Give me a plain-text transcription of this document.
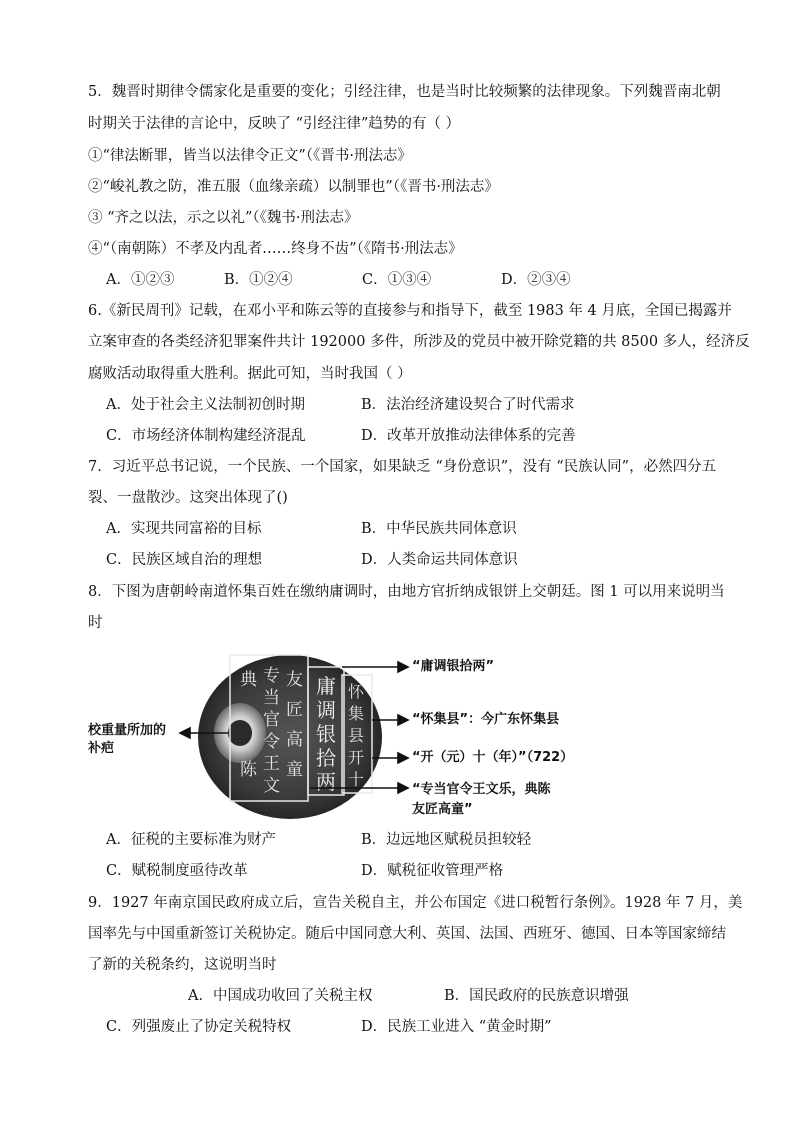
5．魏晋时期律令儒家化是重要的变化；引经注律，也是当时比较频繁的法律现象。下列魏晋南北朝
时期关于法律的言论中，反映了 “引经注律”趋势的有（ ）
①“律法断罪，皆当以法律令正文”（《晋书·刑法志》
②“峻礼教之防，准五服（血缘亲疏）以制罪也”（《晋书·刑法志》
③ “齐之以法，示之以礼”（《魏书·刑法志》
④“（南朝陈）不孝及内乱者……终身不齿”（《隋书·刑法志》
A．①②③	B．①②④	C．①③④	D．②③④
6.《新民周刊》记载，在邓小平和陈云等的直接参与和指导下，截至 1983 年 4 月底，全国已揭露并
立案审查的各类经济犯罪案件共计 192000 多件，所涉及的党员中被开除党籍的共 8500 多人，经济反
腐败活动取得重大胜利。据此可知，当时我国（ ）
A．处于社会主义法制初创时期	B．法治经济建设契合了时代需求
C．市场经济体制构建经济混乱	D．改革开放推动法律体系的完善
7．习近平总书记说，一个民族、一个国家，如果缺乏 “身份意识”，没有 “民族认同”，必然四分五
裂、一盘散沙。这突出体现了()
A．实现共同富裕的目标	B．中华民族共同体意识
C．民族区域自治的理想	D．人类命运共同体意识
8．下图为唐朝岭南道怀集百姓在缴纳庸调时，由地方官折纳成银饼上交朝廷。图 1 可以用来说明当
时
专
当
官
令
王
文
典
陈
友
匠
高
童
庸
调
银
拾
两
怀
集
县
开
十
“庸调银拾两”
“怀集县”：今广东怀集县
“开（元）十（年）”（722）
“专当官令王文乐，典陈
友匠高童”
校重量所加的
补疤
A．征税的主要标准为财产	B．边远地区赋税员担较轻
C．赋税制度亟待改革	D．赋税征收管理严格
9．1927 年南京国民政府成立后，宣告关税自主，并公布国定《进口税暂行条例》。1928 年 7 月，美
国率先与中国重新签订关税协定。随后中国同意大利、英国、法国、西班牙、德国、日本等国家缔结
了新的关税条约，这说明当时
A．中国成功收回了关税主权	B．国民政府的民族意识增强
C．列强废止了协定关税特权	D．民族工业进入 “黄金时期”
